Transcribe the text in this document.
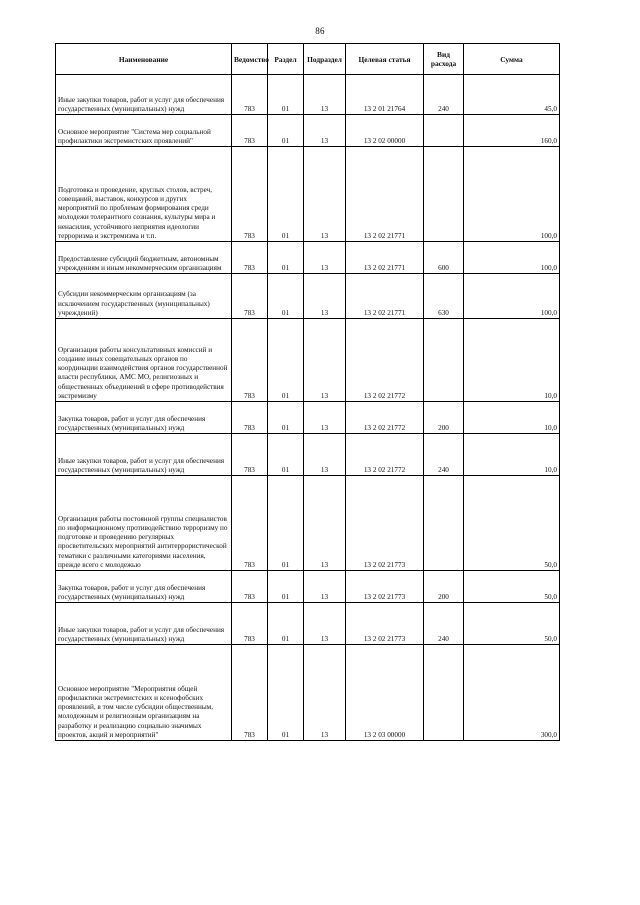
86
Наименование	Ведомство	Раздел	Подраздел	Целевая статья	Вид расхода	Сумма
Иные закупки товаров, работ и услуг для обеспечения государственных (муниципальных) нужд	783	01	13	13 2 01 21764	240	45,0
Основное мероприятие "Система мер социальной профилактики экстремистских проявлений"	783	01	13	13 2 02 00000		160,0
Подготовка и проведение, круглых столов, встреч, совещаний, выставок, конкурсов и других мероприятий по проблемам формирования среди молодежи толерантного сознания, культуры мира и ненасилия, устойчивого неприятия идеологии терроризма и экстремизма и т.п.	783	01	13	13 2 02 21771		100,0
Предоставление субсидий бюджетным, автономным учреждениям и иным некоммерческим организациям	783	01	13	13 2 02 21771	600	100,0
Субсидии некоммерческим организациям (за исключением государственных (муниципальных) учреждений)	783	01	13	13 2 02 21771	630	100,0
Организация работы консультативных комиссий и создание иных совещательных органов по координации взаимодействия органов государственной власти республики, АМС МО, религиозных и общественных объединений в сфере противодействия экстремизму	783	01	13	13 2 02 21772		10,0
Закупка товаров, работ и услуг для обеспечения государственных (муниципальных) нужд	783	01	13	13 2 02 21772	200	10,0
Иные закупки товаров, работ и услуг для обеспечения государственных (муниципальных) нужд	783	01	13	13 2 02 21772	240	10,0
Организация работы постоянной группы специалистов по информационному противодействию терроризму по подготовке и проведению регулярных просветительских мероприятий антитеррористической тематики с различными категориями населения, прежде всего с молодежью	783	01	13	13 2 02 21773		50,0
Закупка товаров, работ и услуг для обеспечения государственных (муниципальных) нужд	783	01	13	13 2 02 21773	200	50,0
Иные закупки товаров, работ и услуг для обеспечения государственных (муниципальных) нужд	783	01	13	13 2 02 21773	240	50,0
Основное мероприятие "Мероприятия общей профилактики экстремистских и ксенофобских проявлений, в том числе субсидии общественным, молодежным и религиозным организациям на разработку и реализацию социально значимых проектов, акций и мероприятий"	783	01	13	13 2 03 00000		300,0
